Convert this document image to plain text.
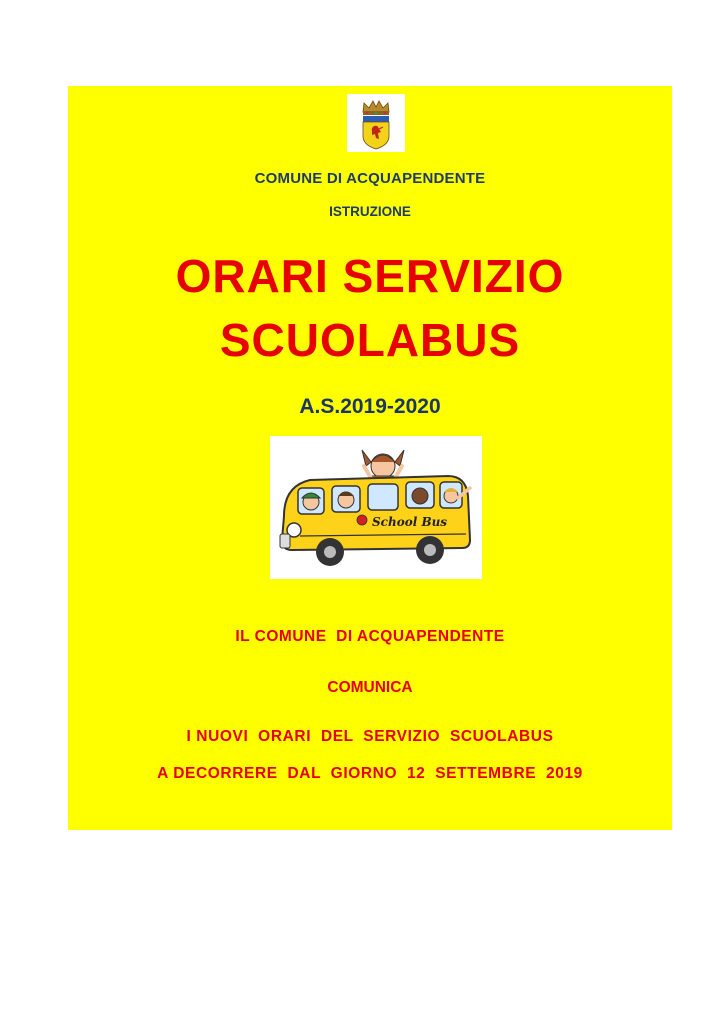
COMUNE DI ACQUAPENDENTE
ISTRUZIONE
ORARI SERVIZIO
SCUOLABUS
A.S.2019-2020
School Bus
IL COMUNE  DI ACQUAPENDENTE
COMUNICA
I NUOVI  ORARI  DEL  SERVIZIO  SCUOLABUS
A DECORRERE  DAL  GIORNO  12  SETTEMBRE  2019
